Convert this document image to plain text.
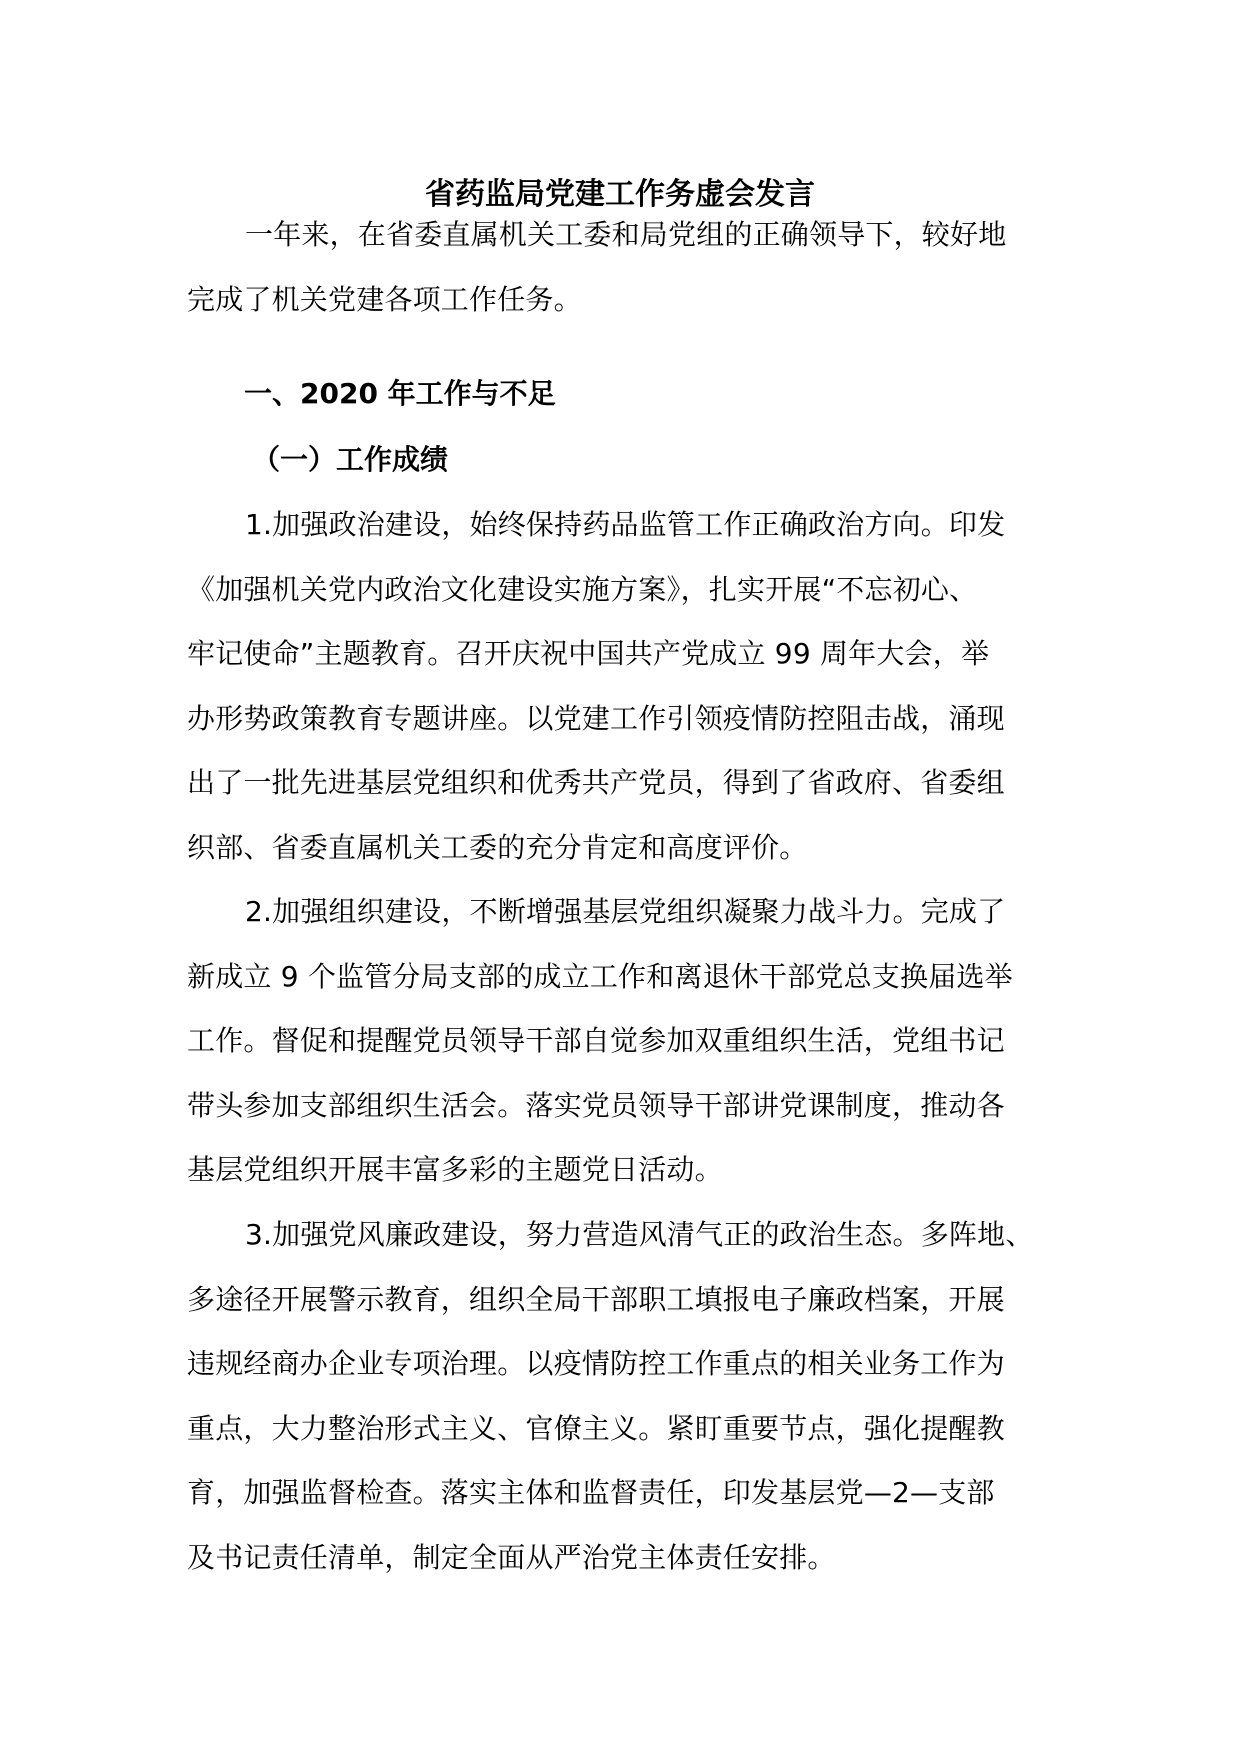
省药监局党建工作务虚会发言
一年来，在省委直属机关工委和局党组的正确领导下，较好地
完成了机关党建各项工作任务。
一、2020 年工作与不足
（一）工作成绩
1.加强政治建设，始终保持药品监管工作正确政治方向。印发
《加强机关党内政治文化建设实施方案》，扎实开展“不忘初心、
牢记使命”主题教育。召开庆祝中国共产党成立 99 周年大会，举
办形势政策教育专题讲座。以党建工作引领疫情防控阻击战，涌现
出了一批先进基层党组织和优秀共产党员，得到了省政府、省委组
织部、省委直属机关工委的充分肯定和高度评价。
2.加强组织建设，不断增强基层党组织凝聚力战斗力。完成了
新成立 9 个监管分局支部的成立工作和离退休干部党总支换届选举
工作。督促和提醒党员领导干部自觉参加双重组织生活，党组书记
带头参加支部组织生活会。落实党员领导干部讲党课制度，推动各
基层党组织开展丰富多彩的主题党日活动。
3.加强党风廉政建设，努力营造风清气正的政治生态。多阵地、
多途径开展警示教育，组织全局干部职工填报电子廉政档案，开展
违规经商办企业专项治理。以疫情防控工作重点的相关业务工作为
重点，大力整治形式主义、官僚主义。紧盯重要节点，强化提醒教
育，加强监督检查。落实主体和监督责任，印发基层党—2—支部
及书记责任清单，制定全面从严治党主体责任安排。
